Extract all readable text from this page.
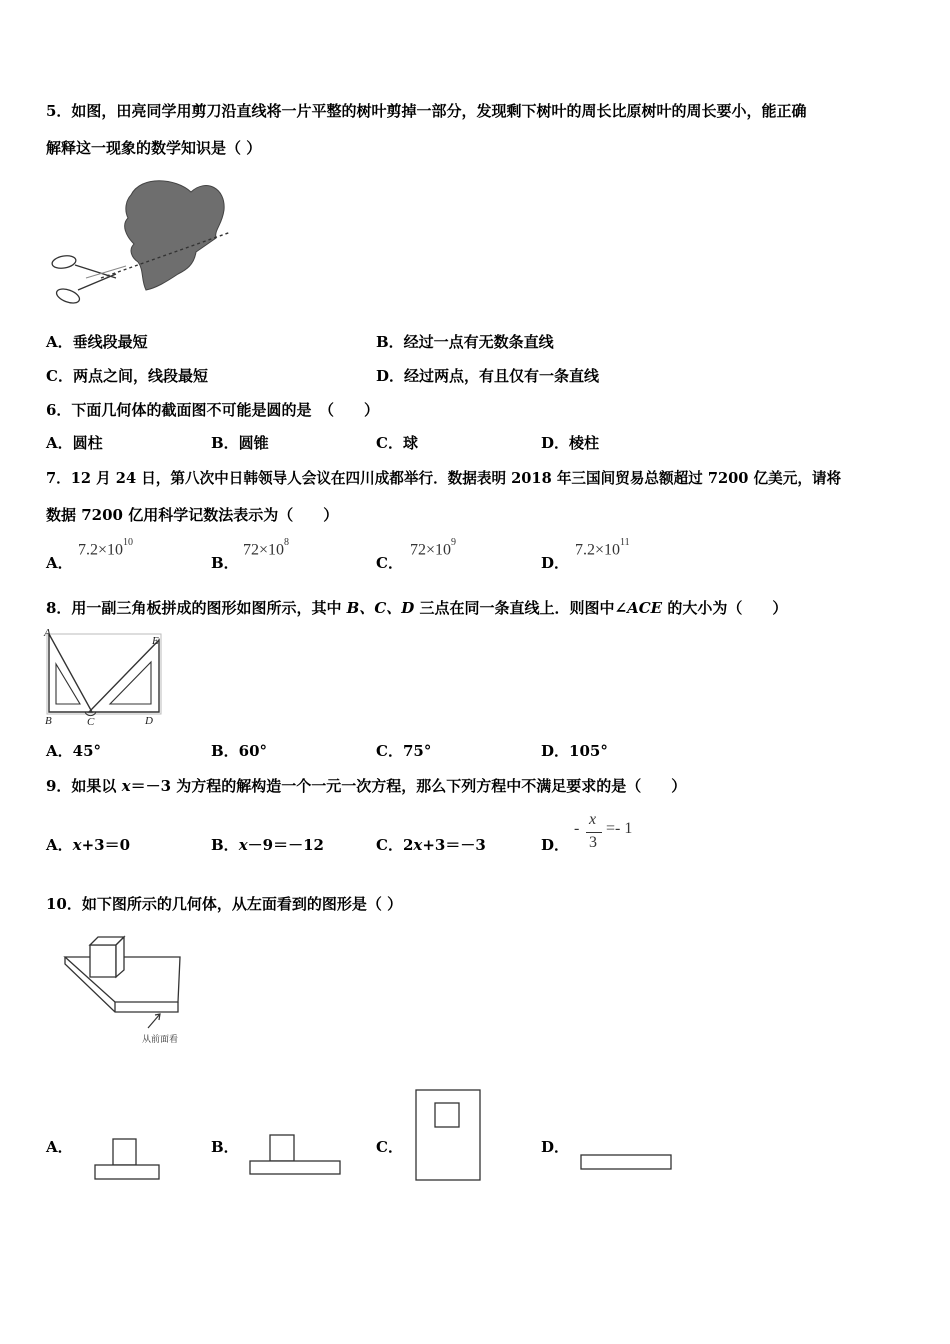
5．如图，田亮同学用剪刀沿直线将一片平整的树叶剪掉一部分，发现剩下树叶的周长比原树叶的周长要小，能正确
解释这一现象的数学知识是（ ）
A．垂线段最短	B．经过一点有无数条直线
C．两点之间，线段最短	D．经过两点，有且仅有一条直线
6．下面几何体的截面图不可能是圆的是　（　　）
A．圆柱	B．圆锥	C．球	D．棱柱
7．12 月 24 日，第八次中日韩领导人会议在四川成都举行．数据表明 2018 年三国间贸易总额超过 7200 亿美元，请将
数据 7200 亿用科学记数法表示为（　　）
A．
$7.2\times 10^{10}$
B．
$72\times 10^8$
C．
$72\times 10^9$
D．
$7.2\times 10^{11}$
8．用一副三角板拼成的图形如图所示，其中 B、C、D 三点在同一条直线上．则图中∠ACE 的大小为（　　）
A
B	C	D
E
A．45°	B．60°	C．75°	D．105°
9．如果以 x＝－3 为方程的解构造一个一元一次方程，那么下列方程中不满足要求的是（　　）
A．x+3＝0	B．x－9＝－12	C．2x+3＝－3	D．
-
x
3
=- 1
10．如下图所示的几何体，从左面看到的图形是（ ）
从前面看
A．	B．	C．	D．
